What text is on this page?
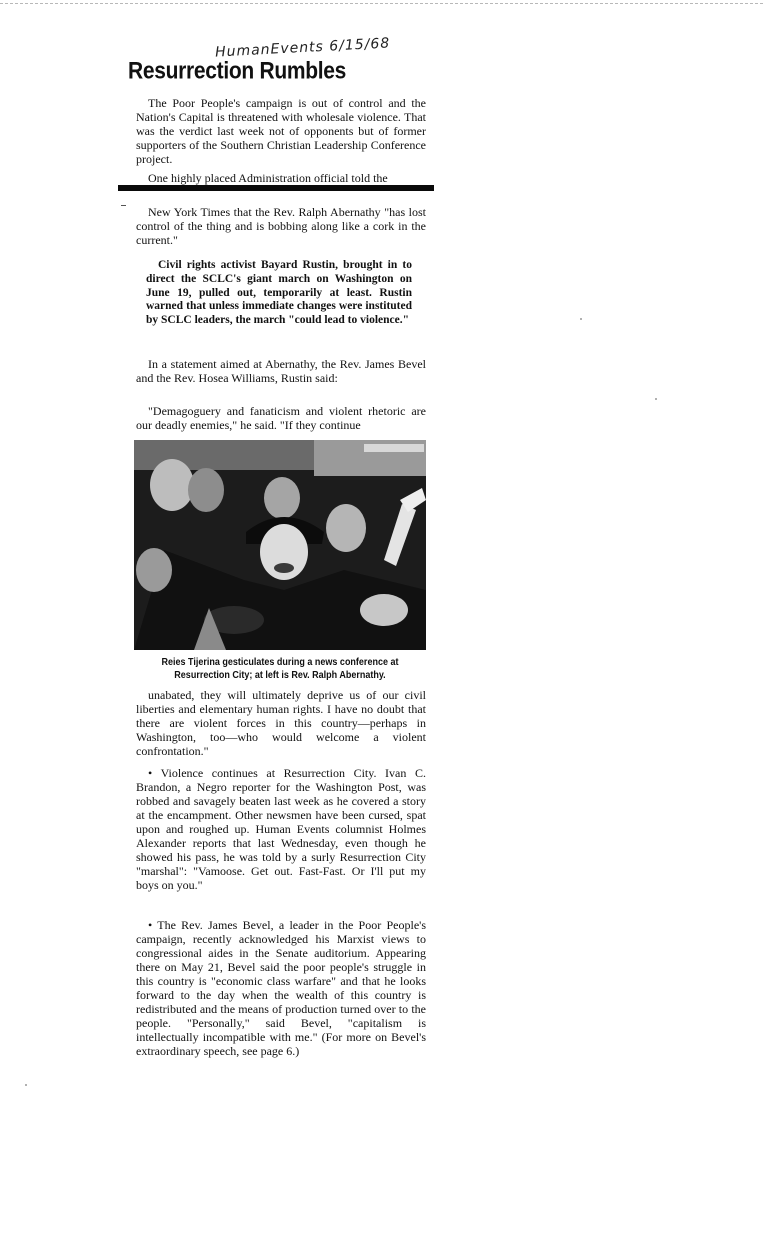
HumanEvents 6/15/68
Resurrection Rumbles

The Poor People's campaign is out of control and the Nation's Capital is threatened with wholesale violence. That was the verdict last week not of opponents but of former supporters of the Southern Christian Leadership Conference project.

One highly placed Administration official told the

New York Times that the Rev. Ralph Abernathy "has lost control of the thing and is bobbing along like a cork in the current."

Civil rights activist Bayard Rustin, brought in to direct the SCLC's giant march on Washington on June 19, pulled out, temporarily at least. Rustin warned that unless immediate changes were instituted by SCLC leaders, the march "could lead to violence."

In a statement aimed at Abernathy, the Rev. James Bevel and the Rev. Hosea Williams, Rustin said:

"Demagoguery and fanaticism and violent rhetoric are our deadly enemies," he said. "If they continue

Reies Tijerina gesticulates during a news conference at Resurrection City; at left is Rev. Ralph Abernathy.

unabated, they will ultimately deprive us of our civil liberties and elementary human rights. I have no doubt that there are violent forces in this country—perhaps in Washington, too—who would welcome a violent confrontation."

• Violence continues at Resurrection City. Ivan C. Brandon, a Negro reporter for the Washington Post, was robbed and savagely beaten last week as he covered a story at the encampment. Other newsmen have been cursed, spat upon and roughed up. Human Events columnist Holmes Alexander reports that last Wednesday, even though he showed his pass, he was told by a surly Resurrection City "marshal": "Vamoose. Get out. Fast-Fast. Or I'll put my boys on you."

• The Rev. James Bevel, a leader in the Poor People's campaign, recently acknowledged his Marxist views to congressional aides in the Senate auditorium. Appearing there on May 21, Bevel said the poor people's struggle in this country is "economic class warfare" and that he looks forward to the day when the wealth of this country is redistributed and the means of production turned over to the people. "Personally," said Bevel, "capitalism is intellectually incompatible with me." (For more on Bevel's extraordinary speech, see page 6.)
